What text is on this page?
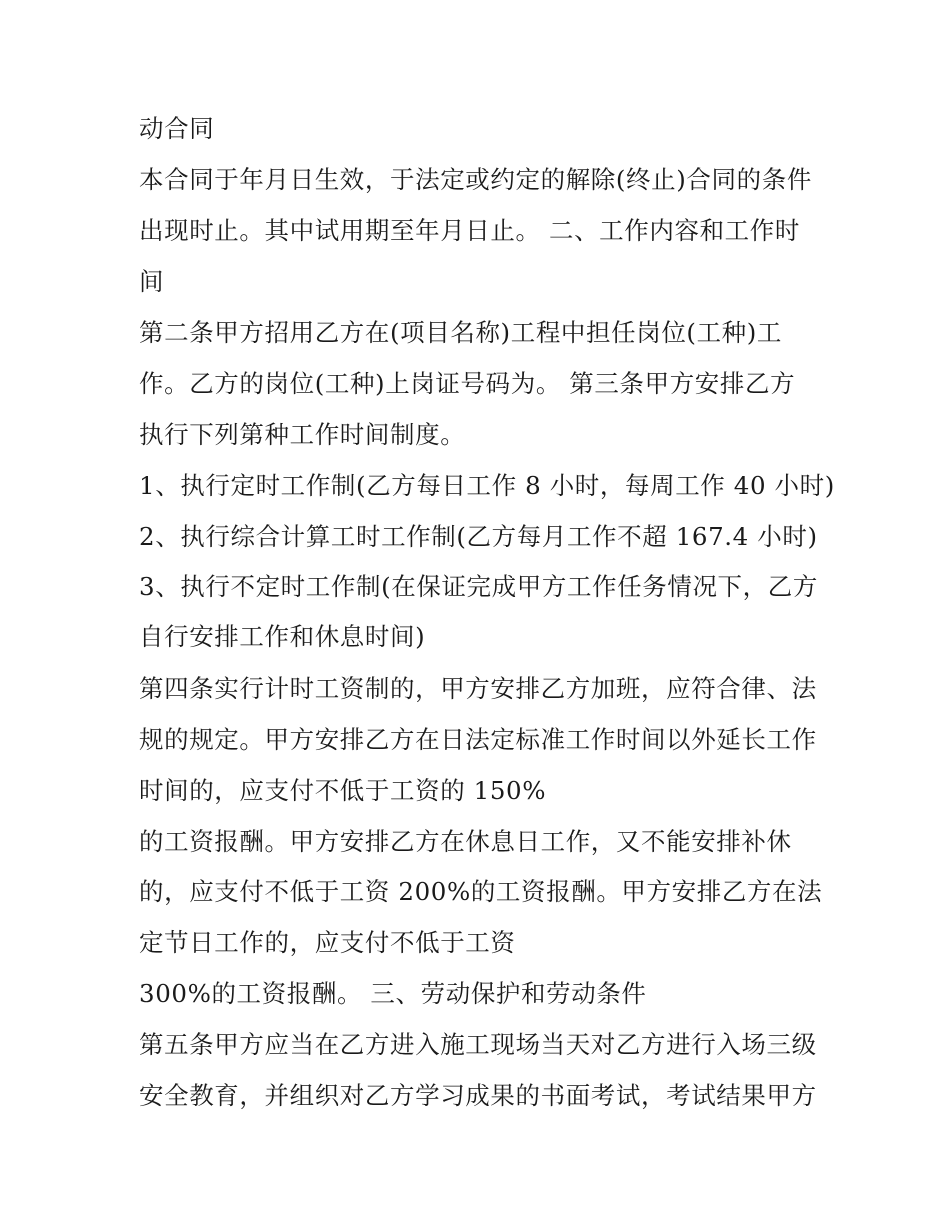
动合同
本合同于年月日生效，于法定或约定的解除(终止)合同的条件
出现时止。其中试用期至年月日止。 二、工作内容和工作时
间
第二条甲方招用乙方在(项目名称)工程中担任岗位(工种)工
作。乙方的岗位(工种)上岗证号码为。 第三条甲方安排乙方
执行下列第种工作时间制度。
1、执行定时工作制(乙方每日工作 8 小时，每周工作 40 小时)
2、执行综合计算工时工作制(乙方每月工作不超 167.4 小时)
3、执行不定时工作制(在保证完成甲方工作任务情况下，乙方
自行安排工作和休息时间)
第四条实行计时工资制的，甲方安排乙方加班，应符合律、法
规的规定。甲方安排乙方在日法定标准工作时间以外延长工作
时间的，应支付不低于工资的 150%
的工资报酬。甲方安排乙方在休息日工作，又不能安排补休
的，应支付不低于工资 200%的工资报酬。甲方安排乙方在法
定节日工作的，应支付不低于工资
300%的工资报酬。 三、劳动保护和劳动条件
第五条甲方应当在乙方进入施工现场当天对乙方进行入场三级
安全教育，并组织对乙方学习成果的书面考试，考试结果甲方
